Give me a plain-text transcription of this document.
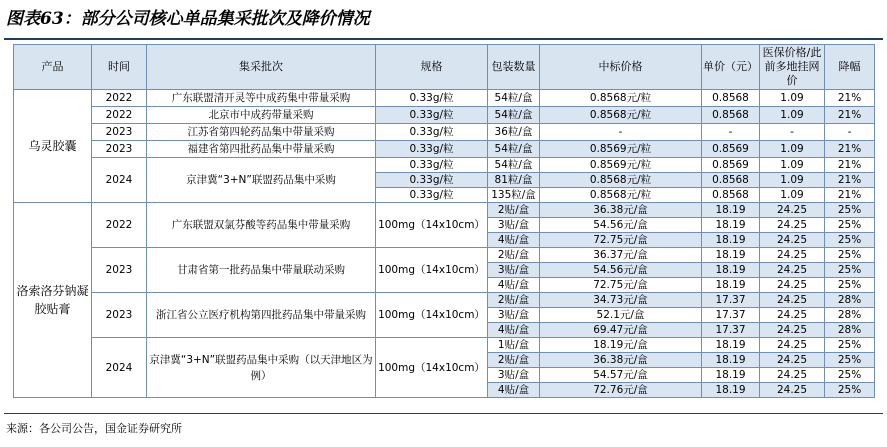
图表63：部分公司核心单品集采批次及降价情况
产品	时间	集采批次	规格	包装数量	中标价格	单价（元）	医保价格/此前多地挂网价	降幅
乌灵胶囊	2022	广东联盟清开灵等中成药集中带量采购	0.33g/粒	54粒/盒	0.8568元/粒	0.8568	1.09	21%
	2022	北京市中成药带量采购	0.33g/粒	54粒/盒	0.8568元/粒	0.8568	1.09	21%
	2023	江苏省第四轮药品集中带量采购	0.33g/粒	36粒/盒	-	-	-	-
	2023	福建省第四批药品集中带量采购	0.33g/粒	54粒/盒	0.8569元/粒	0.8569	1.09	21%
	2024	京津冀“3+N”联盟药品集中采购	0.33g/粒	54粒/盒	0.8569元/粒	0.8569	1.09	21%
			0.33g/粒	81粒/盒	0.8568元/粒	0.8568	1.09	21%
			0.33g/粒	135粒/盒	0.8568元/粒	0.8568	1.09	21%
洛索洛芬钠凝胶贴膏	2022	广东联盟双氯芬酸等药品集中带量采购	100mg（14x10cm）	2贴/盒	36.38元/盒	18.19	24.25	25%
				3贴/盒	54.56元/盒	18.19	24.25	25%
				4贴/盒	72.75元/盒	18.19	24.25	25%
	2023	甘肃省第一批药品集中带量联动采购	100mg（14x10cm）	2贴/盒	36.37元/盒	18.19	24.25	25%
				3贴/盒	54.56元/盒	18.19	24.25	25%
				4贴/盒	72.75元/盒	18.19	24.25	25%
	2023	浙江省公立医疗机构第四批药品集中带量采购	100mg（14x10cm）	2贴/盒	34.73元/盒	17.37	24.25	28%
				3贴/盒	52.1元/盒	17.37	24.25	28%
				4贴/盒	69.47元/盒	17.37	24.25	28%
	2024	京津冀“3+N”联盟药品集中采购（以天津地区为例）	100mg（14x10cm）	1贴/盒	18.19元/盒	18.19	24.25	25%
				2贴/盒	36.38元/盒	18.19	24.25	25%
				3贴/盒	54.57元/盒	18.19	24.25	25%
				4贴/盒	72.76元/盒	18.19	24.25	25%
来源：各公司公告，国金证券研究所
